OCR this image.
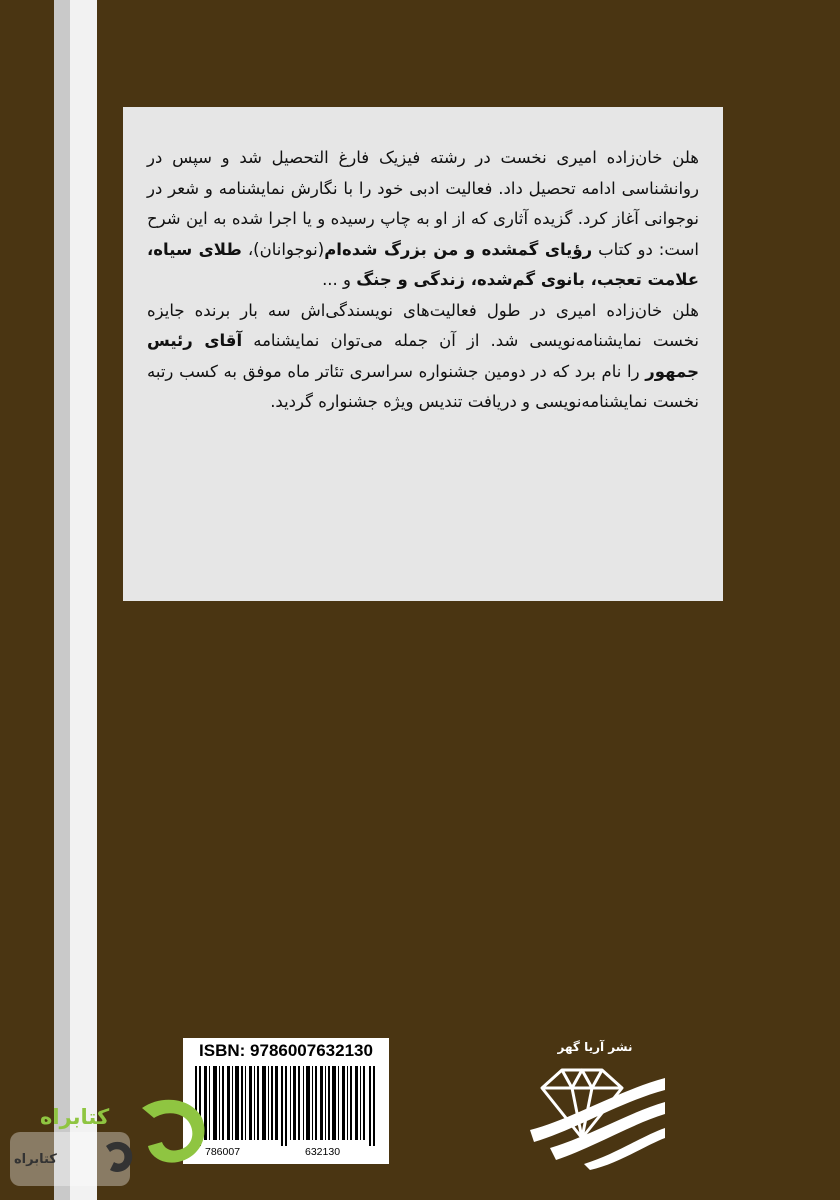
هلن خان‌زاده امیری نخست در رشته فیزیک فارغ التحصیل شد و سپس در روانشناسی ادامه تحصیل داد. فعالیت ادبی خود را با نگارش نمایشنامه و شعر در نوجوانی آغاز کرد. گزیده آثاری که از او به چاپ رسیده و یا اجرا شده به این شرح است: دو کتاب رؤیای گمشده و من بزرگ شده‌ام(نوجوانان)، طلای سیاه، علامت تعجب، بانوی گم‌شده، زندگی و جنگ و ...

هلن خان‌زاده امیری در طول فعالیت‌های نویسندگی‌اش سه بار برنده جایزه نخست نمایشنامه‌نویسی شد. از آن جمله می‌توان نمایشنامه آقای رئیس جمهور را نام برد که در دومین جشنواره سراسری تئاتر ماه موفق به کسب رتبه نخست نمایشنامه‌نویسی و دریافت تندیس ویژه جشنواره گردید.

ISBN: 9786007632130
786007	632130
نشر آریا گهر
کتابراه
کتابراه
